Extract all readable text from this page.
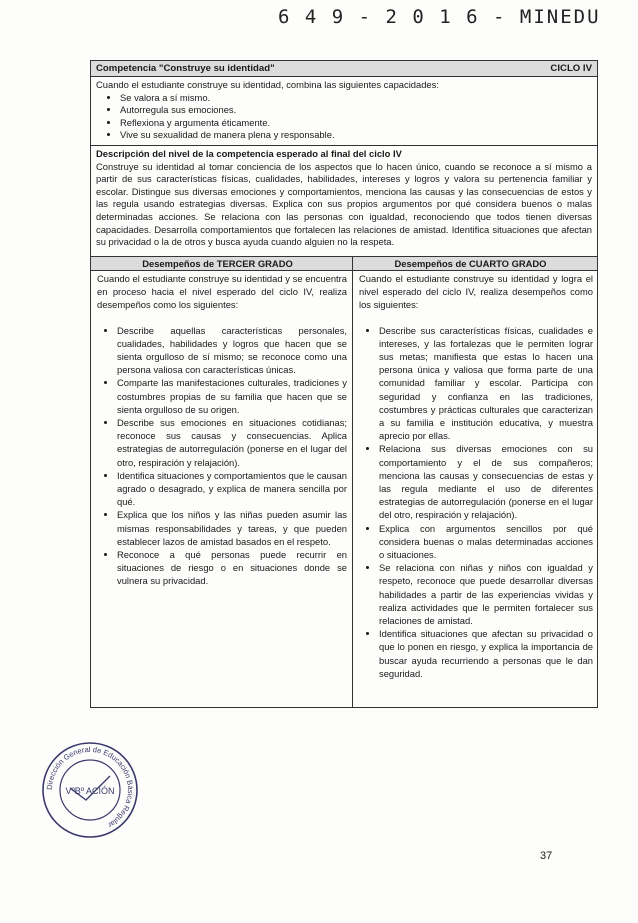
6 4 9 - 2 0 1 6 - MINEDU
Competencia "Construye su identidad"	CICLO IV
Cuando el estudiante construye su identidad, combina las siguientes capacidades:
• Se valora a sí mismo.
• Autorregula sus emociones.
• Reflexiona y argumenta éticamente.
• Vive su sexualidad de manera plena y responsable.
Descripción del nivel de la competencia esperado al final del ciclo IV
Construye su identidad al tomar conciencia de los aspectos que lo hacen único, cuando se reconoce a sí mismo a partir de sus características físicas, cualidades, habilidades, intereses y logros y valora su pertenencia familiar y escolar. Distingue sus diversas emociones y comportamientos, menciona las causas y las consecuencias de estos y las regula usando estrategias diversas. Explica con sus propios argumentos por qué considera buenos o malas determinadas acciones. Se relaciona con las personas con igualdad, reconociendo que todos tienen diversas capacidades. Desarrolla comportamientos que fortalecen las relaciones de amistad. Identifica situaciones que afectan su privacidad o la de otros y busca ayuda cuando alguien no la respeta.
Desempeños de TERCER GRADO	Desempeños de CUARTO GRADO

Cuando el estudiante construye su identidad y se encuentra en proceso hacia el nivel esperado del ciclo IV, realiza desempeños como los siguientes:

• Describe aquellas características personales, cualidades, habilidades y logros que hacen que se sienta orgulloso de sí mismo; se reconoce como una persona valiosa con características únicas.
• Comparte las manifestaciones culturales, tradiciones y costumbres propias de su familia que hacen que se sienta orgulloso de su origen.
• Describe sus emociones en situaciones cotidianas; reconoce sus causas y consecuencias. Aplica estrategias de autorregulación (ponerse en el lugar del otro, respiración y relajación).
• Identifica situaciones y comportamientos que le causan agrado o desagrado, y explica de manera sencilla por qué.
• Explica que los niños y las niñas pueden asumir las mismas responsabilidades y tareas, y que pueden establecer lazos de amistad basados en el respeto.
• Reconoce a qué personas puede recurrir en situaciones de riesgo o en situaciones donde se vulnera su privacidad.

Cuando el estudiante construye su identidad y logra el nivel esperado del ciclo IV, realiza desempeños como los siguientes:

• Describe sus características físicas, cualidades e intereses, y las fortalezas que le permiten lograr sus metas; manifiesta que estas lo hacen una persona única y valiosa que forma parte de una comunidad familiar y escolar. Participa con seguridad y confianza en las tradiciones, costumbres y prácticas culturales que caracterizan a su familia e institución educativa, y muestra aprecio por ellas.
• Relaciona sus diversas emociones con su comportamiento y el de sus compañeros; menciona las causas y consecuencias de estas y las regula mediante el uso de diferentes estrategias de autorregulación (ponerse en el lugar del otro, respiración y relajación).
• Explica con argumentos sencillos por qué considera buenas o malas determinadas acciones o situaciones.
• Se relaciona con niñas y niños con igualdad y respeto, reconoce que puede desarrollar diversas habilidades a partir de las experiencias vividas y realiza actividades que le permiten fortalecer sus relaciones de amistad.
• Identifica situaciones que afectan su privacidad o que lo ponen en riesgo, y explica la importancia de buscar ayuda recurriendo a personas que le dan seguridad.
Dirección General de Educación Básica Regular
VºBº ACIÓN
37
